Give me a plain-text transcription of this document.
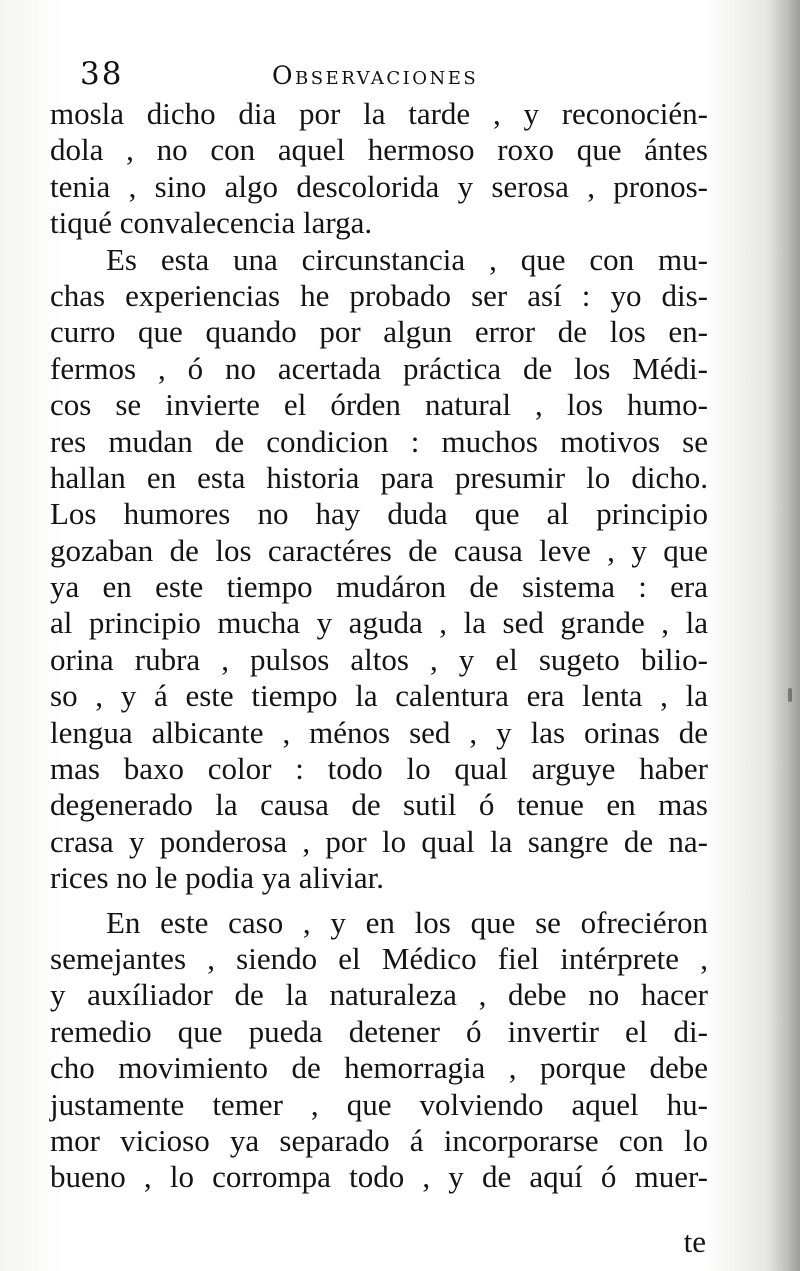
38	Observaciones
mosla dicho dia por la tarde , y reconocién-
dola , no con aquel hermoso roxo que ántes
tenia , sino algo descolorida y serosa , pronos-
tiqué convalecencia larga.
Es esta una circunstancia , que con mu-
chas experiencias he probado ser así : yo dis-
curro que quando por algun error de los en-
fermos , ó no acertada práctica de los Médi-
cos se invierte el órden natural , los humo-
res mudan de condicion : muchos motivos se
hallan en esta historia para presumir lo dicho.
Los humores no hay duda que al principio
gozaban de los caractéres de causa leve , y que
ya en este tiempo mudáron de sistema : era
al principio mucha y aguda , la sed grande , la
orina rubra , pulsos altos , y el sugeto bilio-
so , y á este tiempo la calentura era lenta , la
lengua albicante , ménos sed , y las orinas de
mas baxo color : todo lo qual arguye haber
degenerado la causa de sutil ó tenue en mas
crasa y ponderosa , por lo qual la sangre de na-
rices no le podia ya aliviar.
En este caso , y en los que se ofreciéron
semejantes , siendo el Médico fiel intérprete ,
y auxíliador de la naturaleza , debe no hacer
remedio que pueda detener ó invertir el di-
cho movimiento de hemorragia , porque debe
justamente temer , que volviendo aquel hu-
mor vicioso ya separado á incorporarse con lo
bueno , lo corrompa todo , y de aquí ó muer-
te
